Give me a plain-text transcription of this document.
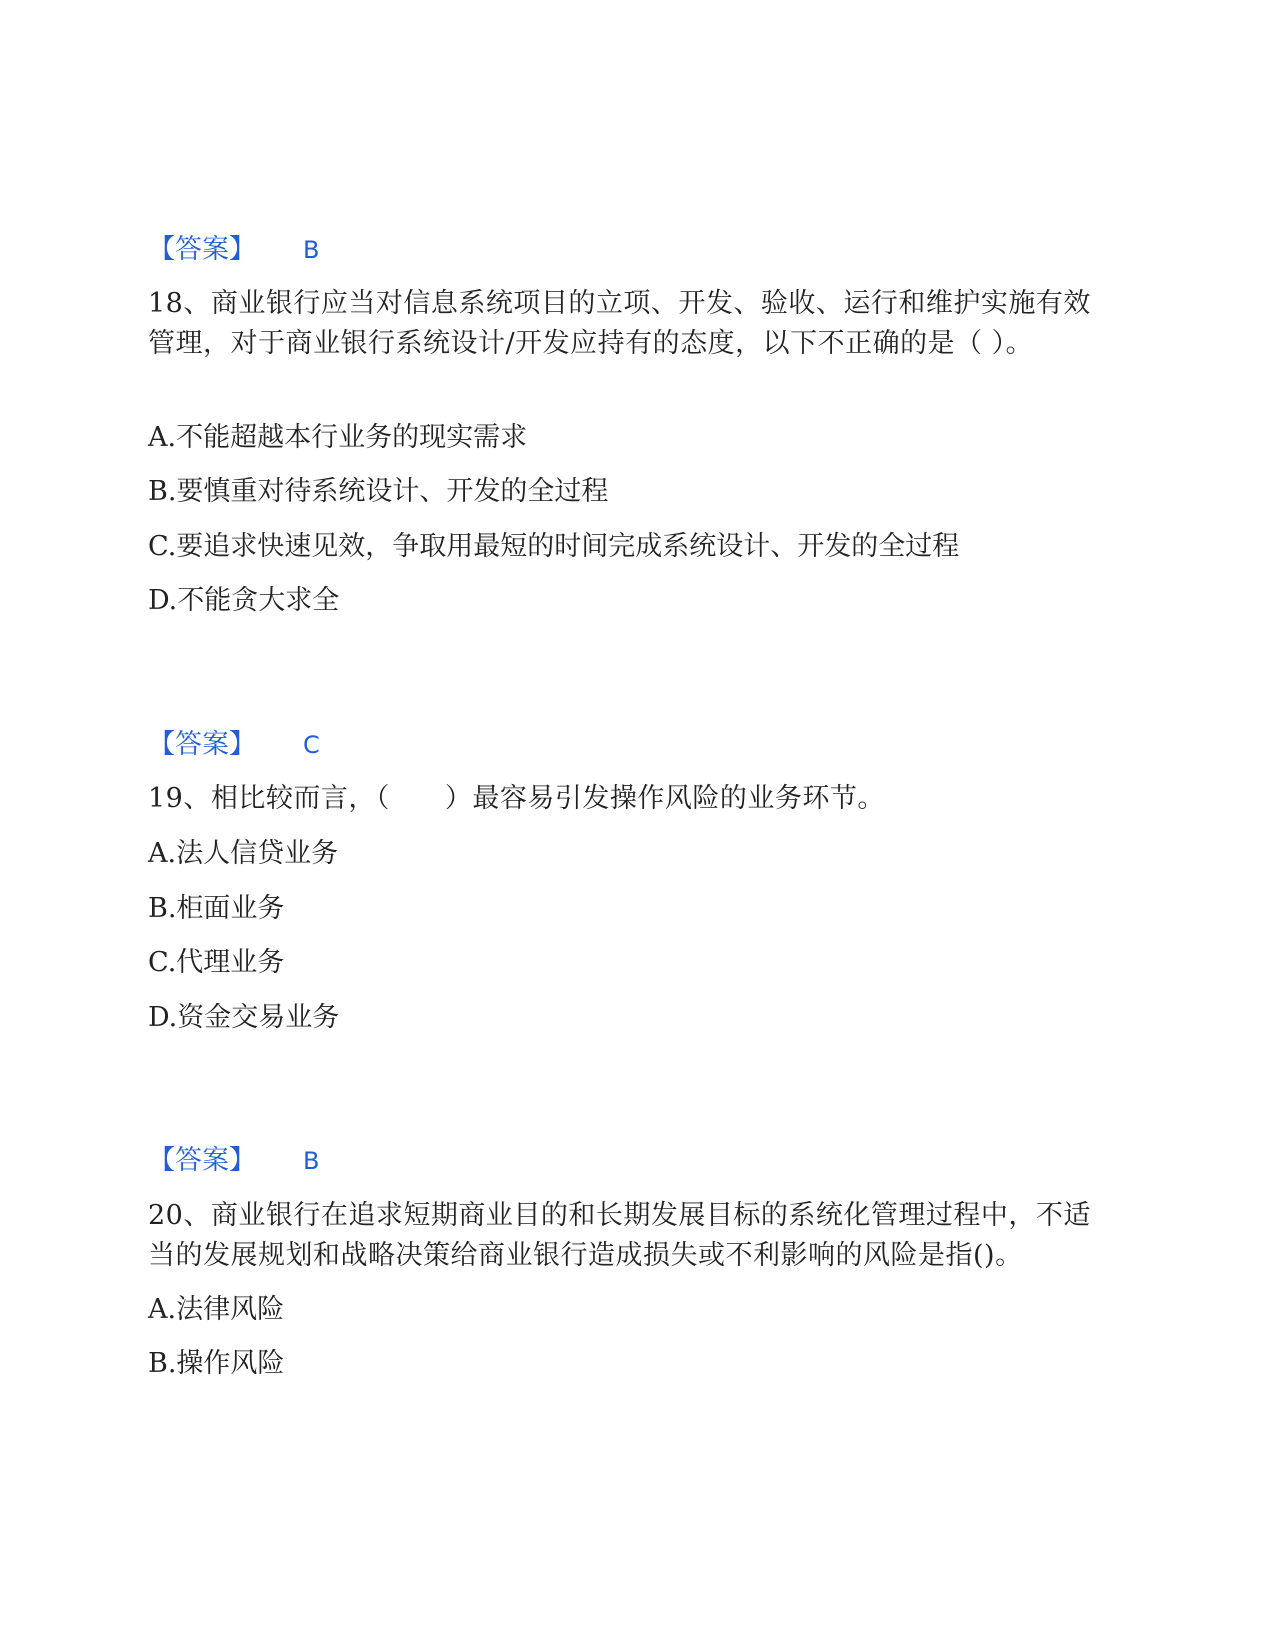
【答案】 B
18、商业银行应当对信息系统项目的立项、开发、验收、运行和维护实施有效管理，对于商业银行系统设计/开发应持有的态度，以下不正确的是（ ）。
A.不能超越本行业务的现实需求
B.要慎重对待系统设计、开发的全过程
C.要追求快速见效，争取用最短的时间完成系统设计、开发的全过程
D.不能贪大求全
【答案】 C
19、相比较而言，（　　）最容易引发操作风险的业务环节。
A.法人信贷业务
B.柜面业务
C.代理业务
D.资金交易业务
【答案】 B
20、商业银行在追求短期商业目的和长期发展目标的系统化管理过程中，不适当的发展规划和战略决策给商业银行造成损失或不利影响的风险是指()。
A.法律风险
B.操作风险
